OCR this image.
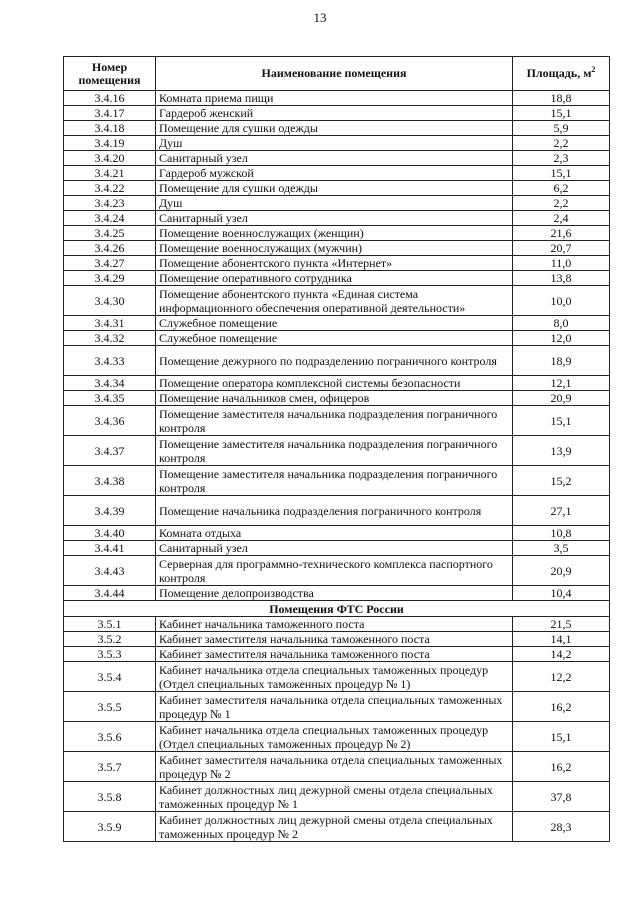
13
Номер
помещения	Наименование помещения	Площадь, $м^2$
3.4.16	Комната приема пищи	18,8
3.4.17	Гардероб женский	15,1
3.4.18	Помещение для сушки одежды	5,9
3.4.19	Душ	2,2
3.4.20	Санитарный узел	2,3
3.4.21	Гардероб мужской	15,1
3.4.22	Помещение для сушки одежды	6,2
3.4.23	Душ	2,2
3.4.24	Санитарный узел	2,4
3.4.25	Помещение военнослужащих (женщин)	21,6
3.4.26	Помещение военнослужащих (мужчин)	20,7
3.4.27	Помещение абонентского пункта «Интернет»	11,0
3.4.29	Помещение оперативного сотрудника	13,8
3.4.30	Помещение абонентского пункта «Единая система информационного обеспечения оперативной деятельности»	10,0
3.4.31	Служебное помещение	8,0
3.4.32	Служебное помещение	12,0
3.4.33	Помещение дежурного по подразделению пограничного контроля	18,9
3.4.34	Помещение оператора комплексной системы безопасности	12,1
3.4.35	Помещение начальников смен, офицеров	20,9
3.4.36	Помещение заместителя начальника подразделения пограничного контроля	15,1
3.4.37	Помещение заместителя начальника подразделения пограничного контроля	13,9
3.4.38	Помещение заместителя начальника подразделения пограничного контроля	15,2
3.4.39	Помещение начальника подразделения пограничного контроля	27,1
3.4.40	Комната отдыха	10,8
3.4.41	Санитарный узел	3,5
3.4.43	Серверная для программно-технического комплекса паспортного контроля	20,9
3.4.44	Помещение делопроизводства	10,4
Помещения ФТС России		
3.5.1	Кабинет начальника таможенного поста	21,5
3.5.2	Кабинет заместителя начальника таможенного поста	14,1
3.5.3	Кабинет заместителя начальника таможенного поста	14,2
3.5.4	Кабинет начальника отдела специальных таможенных процедур (Отдел специальных таможенных процедур № 1)	12,2
3.5.5	Кабинет заместителя начальника отдела специальных таможенных процедур № 1	16,2
3.5.6	Кабинет начальника отдела специальных таможенных процедур (Отдел специальных таможенных процедур № 2)	15,1
3.5.7	Кабинет заместителя начальника отдела специальных таможенных процедур № 2	16,2
3.5.8	Кабинет должностных лиц дежурной смены отдела специальных таможенных процедур № 1	37,8
3.5.9	Кабинет должностных лиц дежурной смены отдела специальных таможенных процедур № 2	28,3
